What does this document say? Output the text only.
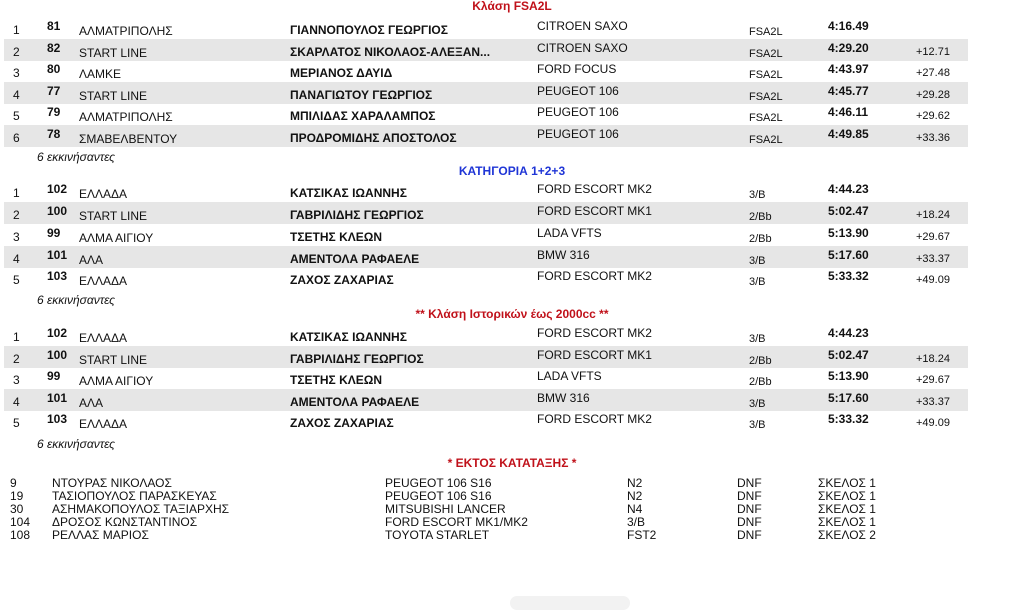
Κλάση FSA2L
1 81 ΑΛΜΑΤΡΙΠΟΛΗΣ	ΓΙΑΝΝΟΠΟΥΛΟΣ ΓΕΩΡΓΙΟΣ	CITROEN SAXO	FSA2L	4:16.49
2 82 START LINE	ΣΚΑΡΛΑΤΟΣ ΝΙΚΟΛΑΟΣ-ΑΛΕΞΑΝ...	CITROEN SAXO	FSA2L	4:29.20	+12.71
3 80 ΛΑΜΚΕ	ΜΕΡΙΑΝΟΣ ΔΑΥΙΔ	FORD FOCUS	FSA2L	4:43.97	+27.48
4 77 START LINE	ΠΑΝΑΓΙΩΤΟΥ ΓΕΩΡΓΙΟΣ	PEUGEOT 106	FSA2L	4:45.77	+29.28
5 79 ΑΛΜΑΤΡΙΠΟΛΗΣ	ΜΠΙΛΙΔΑΣ ΧΑΡΑΛΑΜΠΟΣ	PEUGEOT 106	FSA2L	4:46.11	+29.62
6 78 ΣΜΑΒΕΛΒΕΝΤΟΥ	ΠΡΟΔΡΟΜΙΔΗΣ ΑΠΟΣΤΟΛΟΣ	PEUGEOT 106	FSA2L	4:49.85	+33.36
6 εκκινήσαντες
ΚΑΤΗΓΟΡΙΑ 1+2+3
1 102 ΕΛΛΑΔΑ	ΚΑΤΣΙΚΑΣ ΙΩΑΝΝΗΣ	FORD ESCORT MK2	3/B	4:44.23
2 100 START LINE	ΓΑΒΡΙΛΙΔΗΣ ΓΕΩΡΓΙΟΣ	FORD ESCORT MK1	2/Bb	5:02.47	+18.24
3 99 ΑΛΜΑ ΑΙΓΙΟΥ	ΤΣΕΤΗΣ ΚΛΕΩΝ	LADA VFTS	2/Bb	5:13.90	+29.67
4 101 ΑΛΑ	ΑΜΕΝΤΟΛΑ ΡΑΦΑΕΛΕ	BMW 316	3/B	5:17.60	+33.37
5 103 ΕΛΛΑΔΑ	ΖΑΧΟΣ ΖΑΧΑΡΙΑΣ	FORD ESCORT MK2	3/B	5:33.32	+49.09
6 εκκινήσαντες
** Κλάση Ιστορικών έως 2000cc **
1 102 ΕΛΛΑΔΑ	ΚΑΤΣΙΚΑΣ ΙΩΑΝΝΗΣ	FORD ESCORT MK2	3/B	4:44.23
2 100 START LINE	ΓΑΒΡΙΛΙΔΗΣ ΓΕΩΡΓΙΟΣ	FORD ESCORT MK1	2/Bb	5:02.47	+18.24
3 99 ΑΛΜΑ ΑΙΓΙΟΥ	ΤΣΕΤΗΣ ΚΛΕΩΝ	LADA VFTS	2/Bb	5:13.90	+29.67
4 101 ΑΛΑ	ΑΜΕΝΤΟΛΑ ΡΑΦΑΕΛΕ	BMW 316	3/B	5:17.60	+33.37
5 103 ΕΛΛΑΔΑ	ΖΑΧΟΣ ΖΑΧΑΡΙΑΣ	FORD ESCORT MK2	3/B	5:33.32	+49.09
6 εκκινήσαντες
* ΕΚΤΟΣ ΚΑΤΑΤΑΞΗΣ *
9	ΝΤΟΥΡΑΣ ΝΙΚΟΛΑΟΣ	PEUGEOT 106 S16	N2	DNF	ΣΚΕΛΟΣ 1
19 ΤΑΣΙΟΠΟΥΛΟΣ ΠΑΡΑΣΚΕΥΑΣ	PEUGEOT 106 S16	N2	DNF	ΣΚΕΛΟΣ 1
30 ΑΣΗΜΑΚΟΠΟΥΛΟΣ ΤΑΞΙΑΡΧΗΣ	MITSUBISHI LANCER	N4	DNF	ΣΚΕΛΟΣ 1
104 ΔΡΟΣΟΣ ΚΩΝΣΤΑΝΤΙΝΟΣ	FORD ESCORT MK1/MK2	3/B	DNF	ΣΚΕΛΟΣ 1
108 ΡΕΛΛΑΣ ΜΑΡΙΟΣ	TOYOTA STARLET	FST2	DNF	ΣΚΕΛΟΣ 2
